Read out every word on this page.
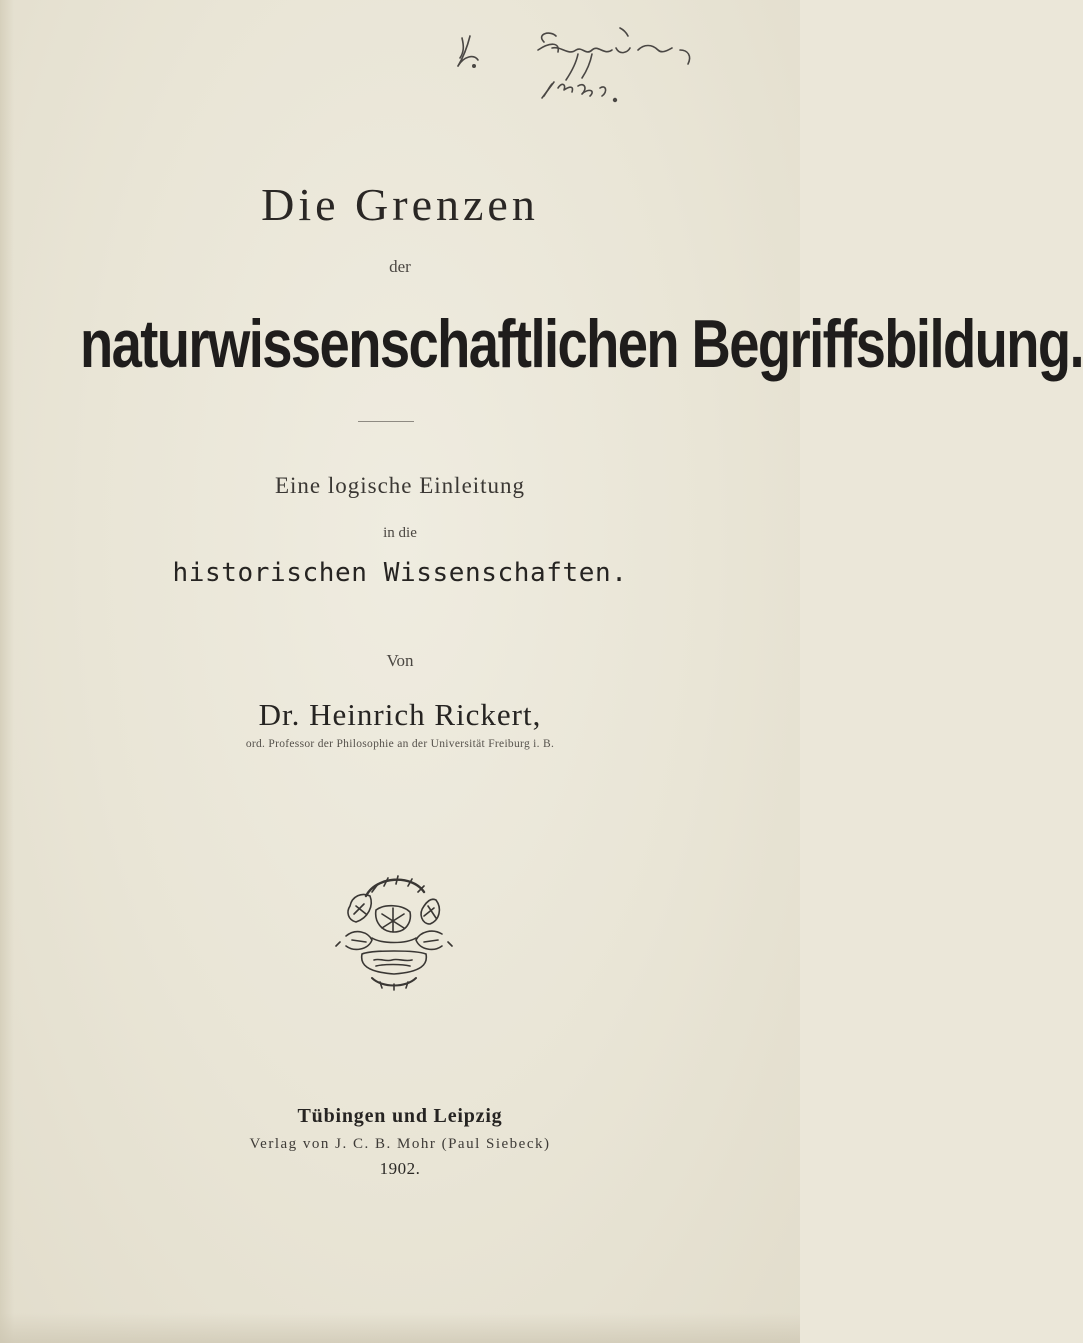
Die Grenzen
der
naturwissenschaftlichen Begriffsbildung.
Eine logische Einleitung
in die
historischen Wissenschaften.
Von
Dr. Heinrich Rickert,
ord. Professor der Philosophie an der Universität Freiburg i. B.
Tübingen und Leipzig
Verlag von J. C. B. Mohr (Paul Siebeck)
1902.
